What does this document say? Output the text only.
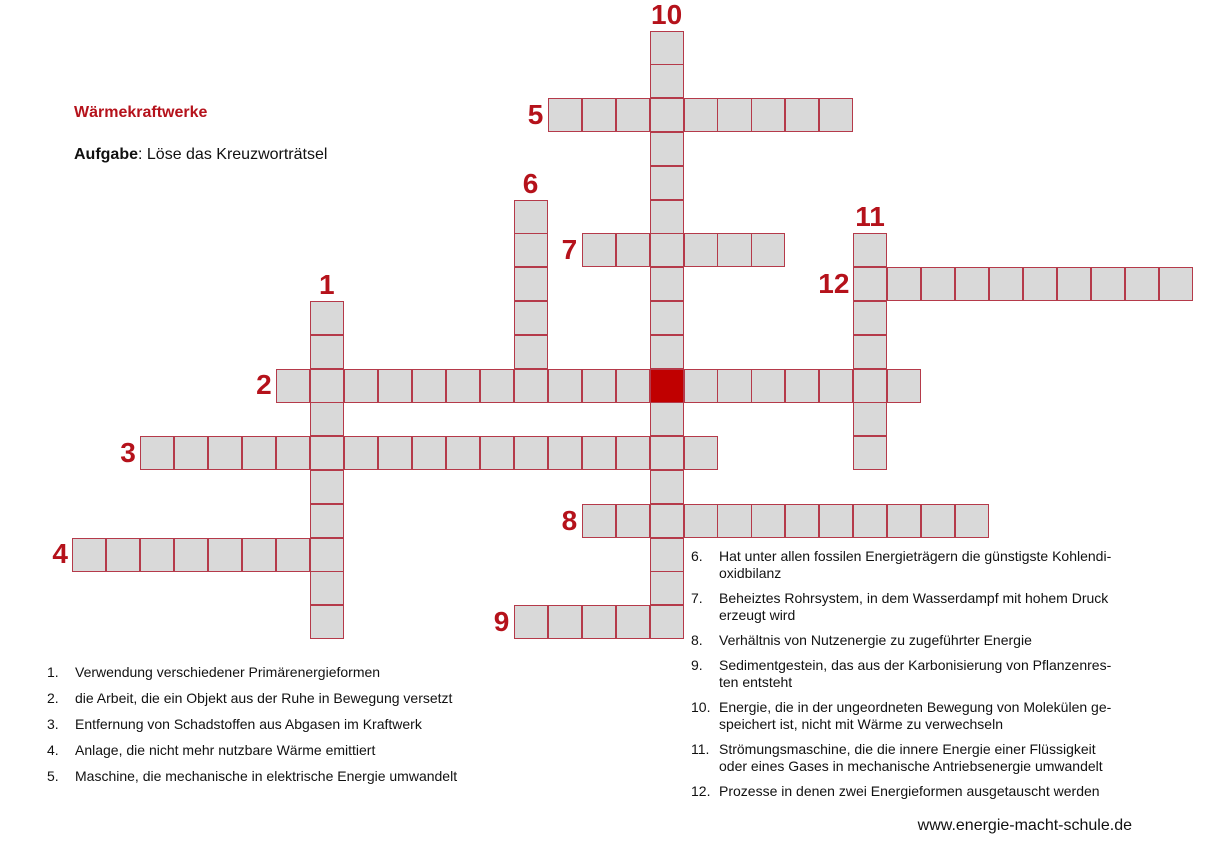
Wärmekraftwerke
Aufgabe: Löse das Kreuzworträtsel
1
2
3
4
5
6
7
8
9
10
11
12
1. Verwendung verschiedener Primärenergieformen
2. die Arbeit, die ein Objekt aus der Ruhe in Bewegung versetzt
3. Entfernung von Schadstoffen aus Abgasen im Kraftwerk
4. Anlage, die nicht mehr nutzbare Wärme emittiert
5. Maschine, die mechanische in elektrische Energie umwandelt
6. Hat unter allen fossilen Energieträgern die günstigste Kohlendi-
oxidbilanz
7. Beheiztes Rohrsystem, in dem Wasserdampf mit hohem Druck
erzeugt wird
8. Verhältnis von Nutzenergie zu zugeführter Energie
9. Sedimentgestein, das aus der Karbonisierung von Pflanzenres-
ten entsteht
10. Energie, die in der ungeordneten Bewegung von Molekülen ge-
speichert ist, nicht mit Wärme zu verwechseln
11. Strömungsmaschine, die die innere Energie einer Flüssigkeit
oder eines Gases in mechanische Antriebsenergie umwandelt
12. Prozesse in denen zwei Energieformen ausgetauscht werden
www.energie-macht-schule.de
